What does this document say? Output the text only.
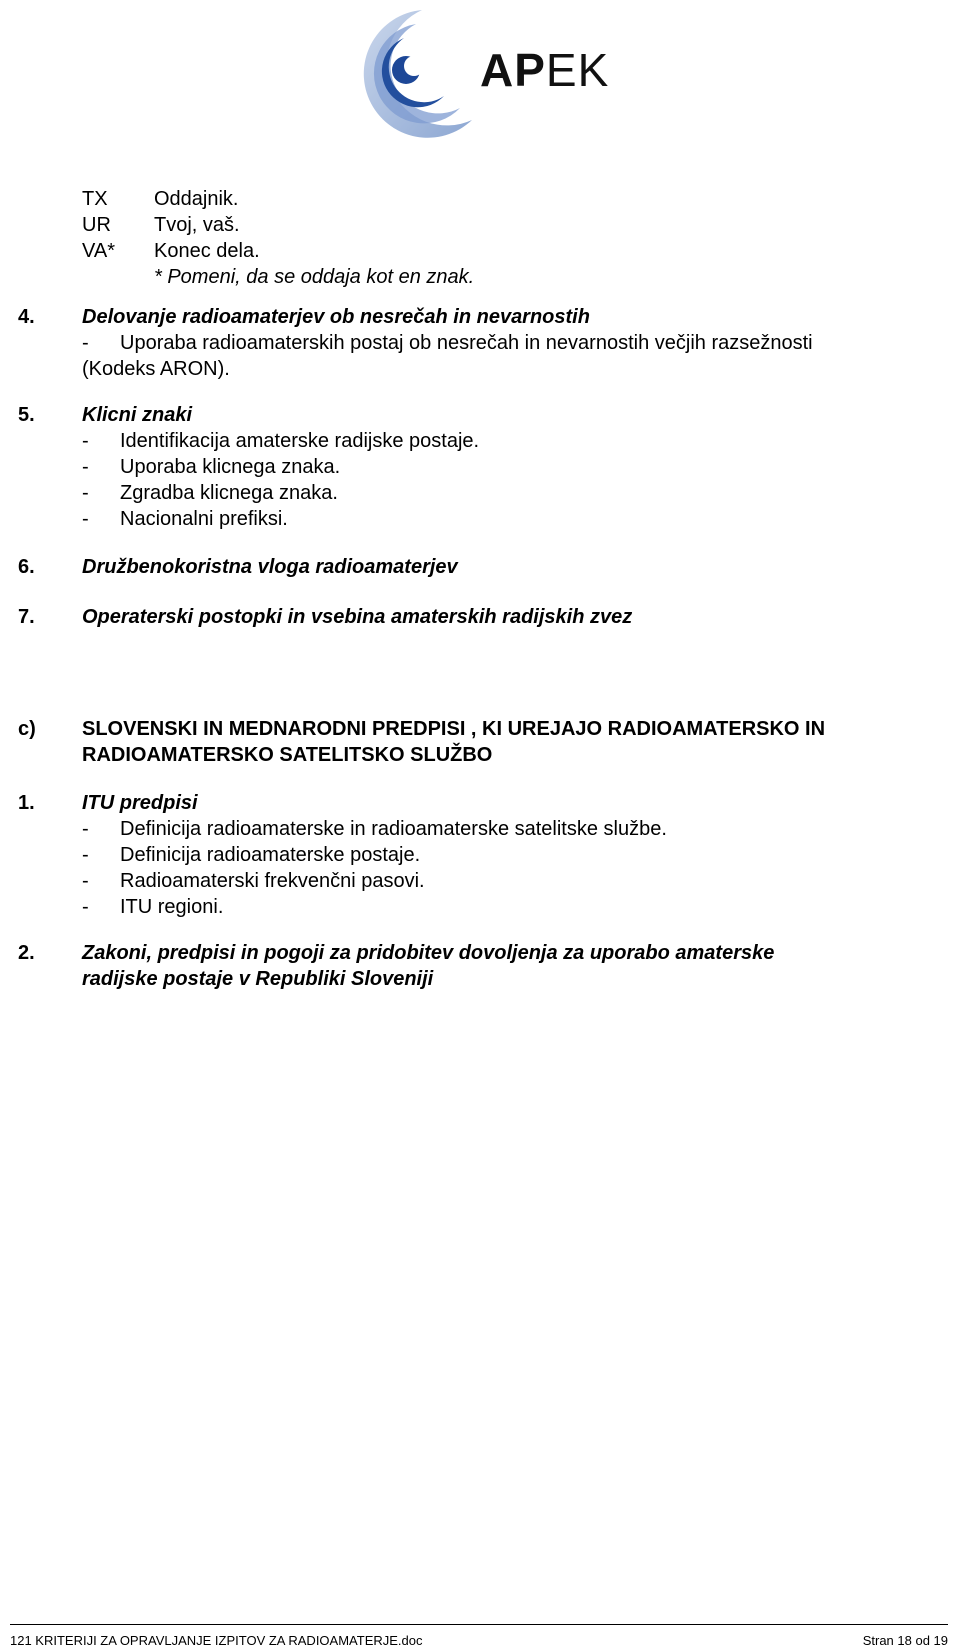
APEK
TX	Oddajnik.
UR	Tvoj, vaš.
VA*	Konec dela.
* Pomeni, da se oddaja kot en znak.
4.	Delovanje radioamaterjev ob nesrečah in nevarnostih
- Uporaba radioamaterskih postaj ob nesrečah in nevarnostih večjih razsežnosti
(Kodeks ARON).
5.	Klicni znaki
- Identifikacija amaterske radijske postaje.
- Uporaba klicnega znaka.
- Zgradba klicnega znaka.
- Nacionalni prefiksi.
6.	Družbenokoristna vloga radioamaterjev
7.	Operaterski postopki in vsebina amaterskih radijskih zvez
c)	SLOVENSKI IN MEDNARODNI PREDPISI , KI UREJAJO RADIOAMATERSKO IN
RADIOAMATERSKO SATELITSKO SLUŽBO
1.	ITU predpisi
- Definicija radioamaterske in radioamaterske satelitske službe.
- Definicija radioamaterske postaje.
- Radioamaterski frekvenčni pasovi.
- ITU regioni.
2.	Zakoni, predpisi in pogoji za pridobitev dovoljenja za uporabo amaterske
radijske postaje v Republiki Sloveniji
121 KRITERIJI ZA OPRAVLJANJE IZPITOV ZA RADIOAMATERJE.doc	Stran 18 od 19
